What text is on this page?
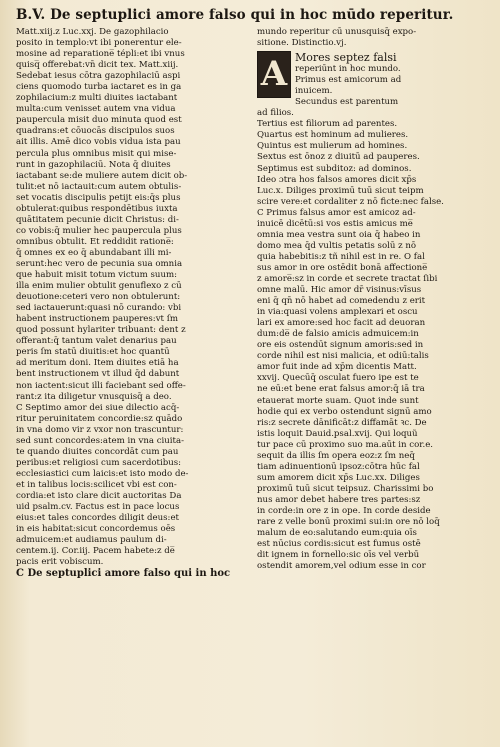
B.V. De septuplici amore falso qui in hoc mūdo reperitur.

Matt.xiij.z Luc.xxj. De gazophilacio

posito in templo:vt ibi ponerentur ele-

mosine ad reparatione̅ tépli:et ibi vnus

quisq̅ offerebat:vn̄ dicit tex. Matt.xiij.

Sedebat iesus cōtra gazophilaciū aspi

ciens quomodo turba iactaret es in ga

zophilacium:z multi diuites iactabant

multa:cum venisset autem vna vidua

paupercula misit duo minuta quod est

quadrans:et cōuocās discipulos suos

ait illis. Amē dico vobis vidua ista pau

percula plus omnibus misit qui mise-

runt in gazophilaciū. Nota q̄ diuites

iactabant se:de muliere autem dicit ob-

tulit:et nō iactauit:cum autem obtulis-

set vocatis discipulis petijt eis:q̄s plus

obtulerat:quibus respondētibus iuxta

quātitatem pecunie dicit Christus: di-

co vobis:q̄ mulier hec paupercula plus

omnibus obtulit. Et reddidit ratione̅:

q̄ omnes ex eo q̄ abundabant illi mi-

serunt:hec vero de pecunia sua omnia

que habuit misit totum victum suum:

illa enim mulier obtulit genuflexo z cū

deuotione:ceteri vero non obtulerunt:

sed iactauerunt:quasi nō curando: vbi

habent instructionem pauperes:vt ſm

quod possunt hylariter tribuant: dent z

offerant:q̄ tantum valet denarius pau

peris ſ̄m statū diuitis:et hoc quantū

ad meritum doni. Item diuites etiā ha

bent instructionem vt illud q̄d dabunt

non iactent:sicut illi faciebant sed offe-

rant:z ita diligetur vnusquisq̄ a deo.

C Septimo amor dei siue dilectio acq̄-

ritur peruinitatem concordie:sz quādo

in vna domo vir z vxor non trascuntur:

sed sunt concordes:atem in vna ciuita-

te quando diuites concordāt cum pau

peribus:et religiosi cum sacerdotibus:

ecclesiastici cum laicis:et isto modo de-

et in talibus locis:scilicet vbi est con-

cordia:et isto clare dicit auctoritas Da

uid psalm.cv. Factus est in pace locus

eius:et tales concordes diligit deus:et

in eis habitat:sicut concordemus oēs

admuicem:et audiamus paulum di-

centem.ij. Cor.iij. Pacem habete:z de̅

pacis erit vobiscum.

C De septuplici amore falso qui in hoc

mundo reperitur cū unusquisq̄ expo-

sitione. Distinctio.vj.

A Mores septez falsi

reperiūnt in hoc mundo.

Primus est amicorum ad

inuicem.

Secundus est parentum

ad filios.

Tertius est filiorum ad parentes.

Quartus est hominum ad mulieres.

Quintus est mulierum ad homines.

Sextus est ōnoz z diuitū ad pauperes.

Septimus est subditoz: ad dominos.

Ideo ɔtra hos falsos amores dicit xp̄s

Luc.x. Diliges proximū tuū sicut teipm

scire vere:et cordaliter z nō ficte:nec false.

C Primus falsus amor est amicoz ad-

inuicē dicētū:si vos estis amicus me̅

omnia mea vestra sunt oia q̄ habeo in

domo mea q̄d vultis petatis solū z nō

quia habebitis:z tñ nihil est in re. O fal

sus amor in ore ostēdit bonā affectione̅

z amore̅:sz in corde et secrete tractat ſibi

omne malū. Hic amor dr̄ visinus:vīsus

eni q̄ qn̄ nō habet ad comedendu z erit

in via:quasi volens amplexari et oscu

lari ex amore:sed hoc facit ad deuoran

dum:de̅ de falsio amicis admuicem:in

ore eis ostendūt signum amoris:sed in

corde nihil est nisi malicia, et odiū:talis

amor fuit inde ad xp̄m dicentis Matt.

xxvij. Quecūq̄ osculat fuero ipe est te

ne eū:et bene erat falsus amor:q̄ iā tra

etauerat morte suam. Quot inde sunt

hodie qui ex verbo ostendunt signū amo

ris:z secrete dānificāt:z diffamāt ꝛc. De

istis loquit Dauid.psal.xvij. Qui loquũ

tur pace cū proximo suo ma.aūt in cor.e.

sequit da illis ſm opera eoz:z ſm neq̄

tiam adinuentionū ipsoz:cōtra hūc fal

sum amorem dicit xp̄s Luc.xx. Diliges

proximū tuū sicut teipsuz. Charissimi bo

nus amor debet habere tres partes:sz

in corde:in ore z in ope. In corde desid̄e

rare z velle bonū proximi sui:in ore nō loq̄

malum de eo:salutando eum:quia oīs

est nūcius cordis:sicut est fumus ostē

dit ignem in fornello:sic oīs vel verbū

ostendit amorem,vel odium esse in cor
